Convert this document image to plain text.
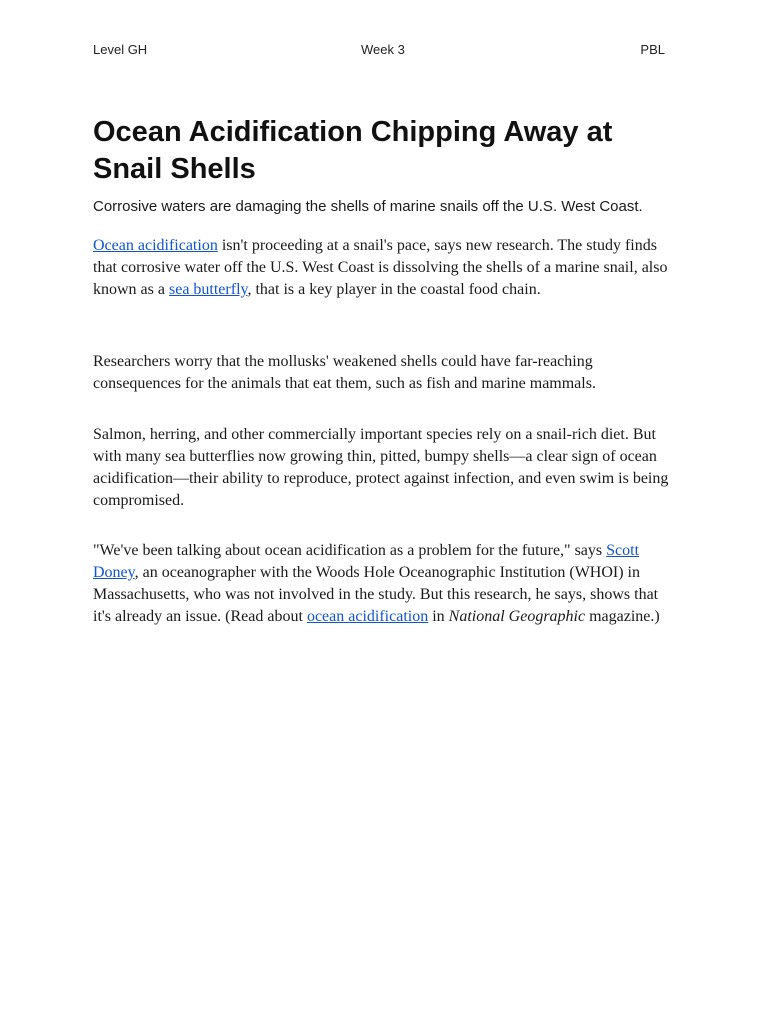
Level GH	Week 3	PBL
Ocean Acidification Chipping Away at Snail Shells

Corrosive waters are damaging the shells of marine snails off the U.S. West Coast.

Ocean acidification isn't proceeding at a snail's pace, says new research. The study finds that corrosive water off the U.S. West Coast is dissolving the shells of a marine snail, also known as a sea butterfly, that is a key player in the coastal food chain.

Researchers worry that the mollusks' weakened shells could have far-reaching consequences for the animals that eat them, such as fish and marine mammals.

Salmon, herring, and other commercially important species rely on a snail-rich diet. But with many sea butterflies now growing thin, pitted, bumpy shells—a clear sign of ocean acidification—their ability to reproduce, protect against infection, and even swim is being compromised.

"We've been talking about ocean acidification as a problem for the future," says Scott Doney, an oceanographer with the Woods Hole Oceanographic Institution (WHOI) in Massachusetts, who was not involved in the study. But this research, he says, shows that it's already an issue. (Read about ocean acidification in National Geographic magazine.)
